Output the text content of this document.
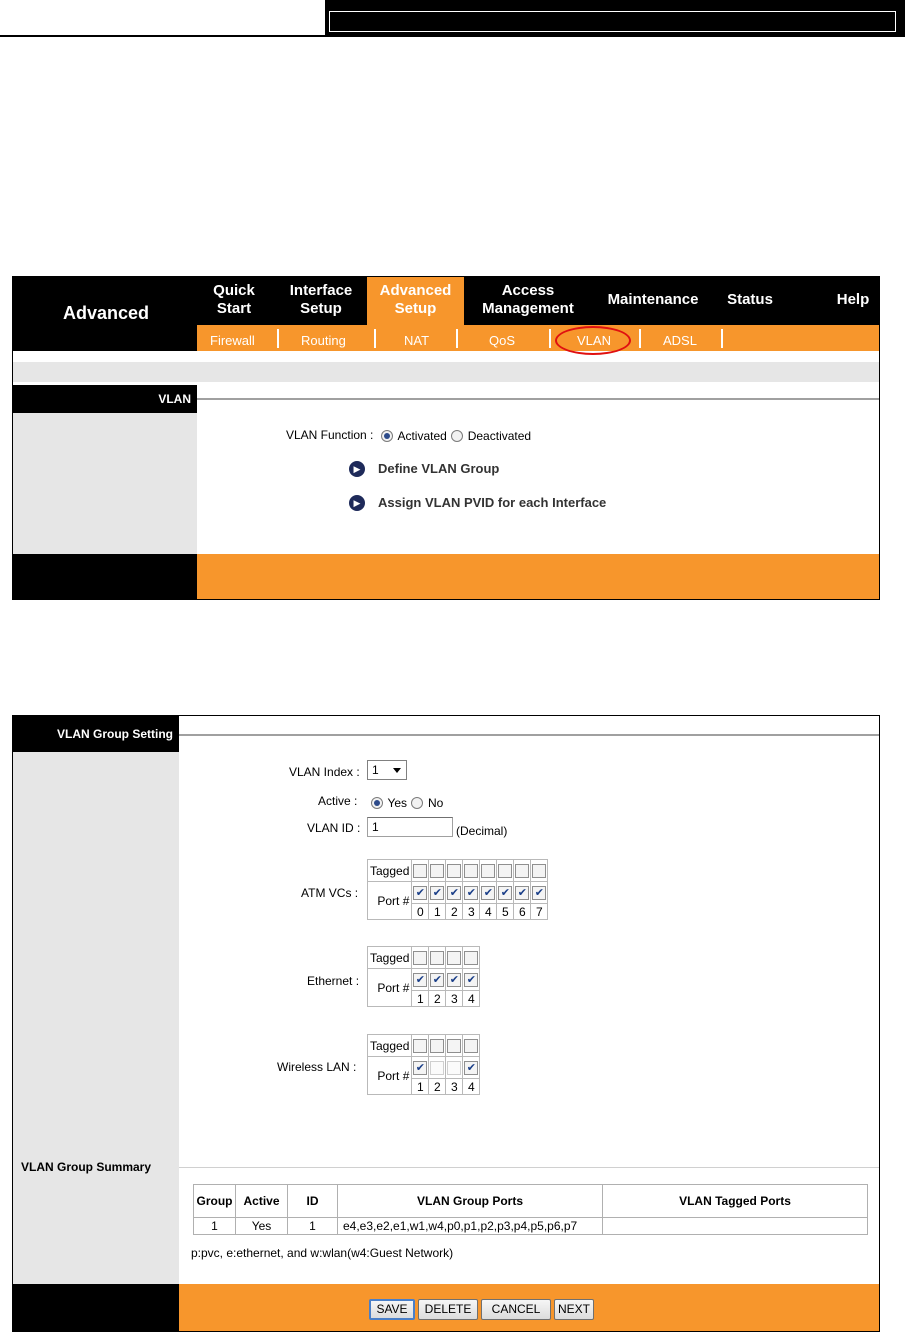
Advanced
Quick
Start
Interface
Setup
Advanced
Setup
Access
Management
Maintenance	Status	Help
Firewall	Routing	NAT	QoS	VLAN	ADSL
VLAN
VLAN Function :	Activated Deactivated
▶	Define VLAN Group
▶	Assign VLAN PVID for each Interface
VLAN Group Setting
VLAN Index :	1
Active :	Yes No
VLAN ID : 1	(Decimal)
ATM VCs :
Tagged								
Port #	✔	✔	✔	✔	✔	✔	✔	✔
	0	1	2	3	4	5	6	7
Ethernet :
Tagged				
Port #	✔	✔	✔	✔
	1	2	3	4
Wireless LAN :
Tagged				
Port #	✔			✔
	1	2	3	4
VLAN Group Summary
Group	Active	ID	VLAN Group Ports	VLAN Tagged Ports
1	Yes	1	e4,e3,e2,e1,w1,w4,p0,p1,p2,p3,p4,p5,p6,p7	
p:pvc, e:ethernet, and w:wlan(w4:Guest Network)
SAVE	DELETE	CANCEL	NEXT
